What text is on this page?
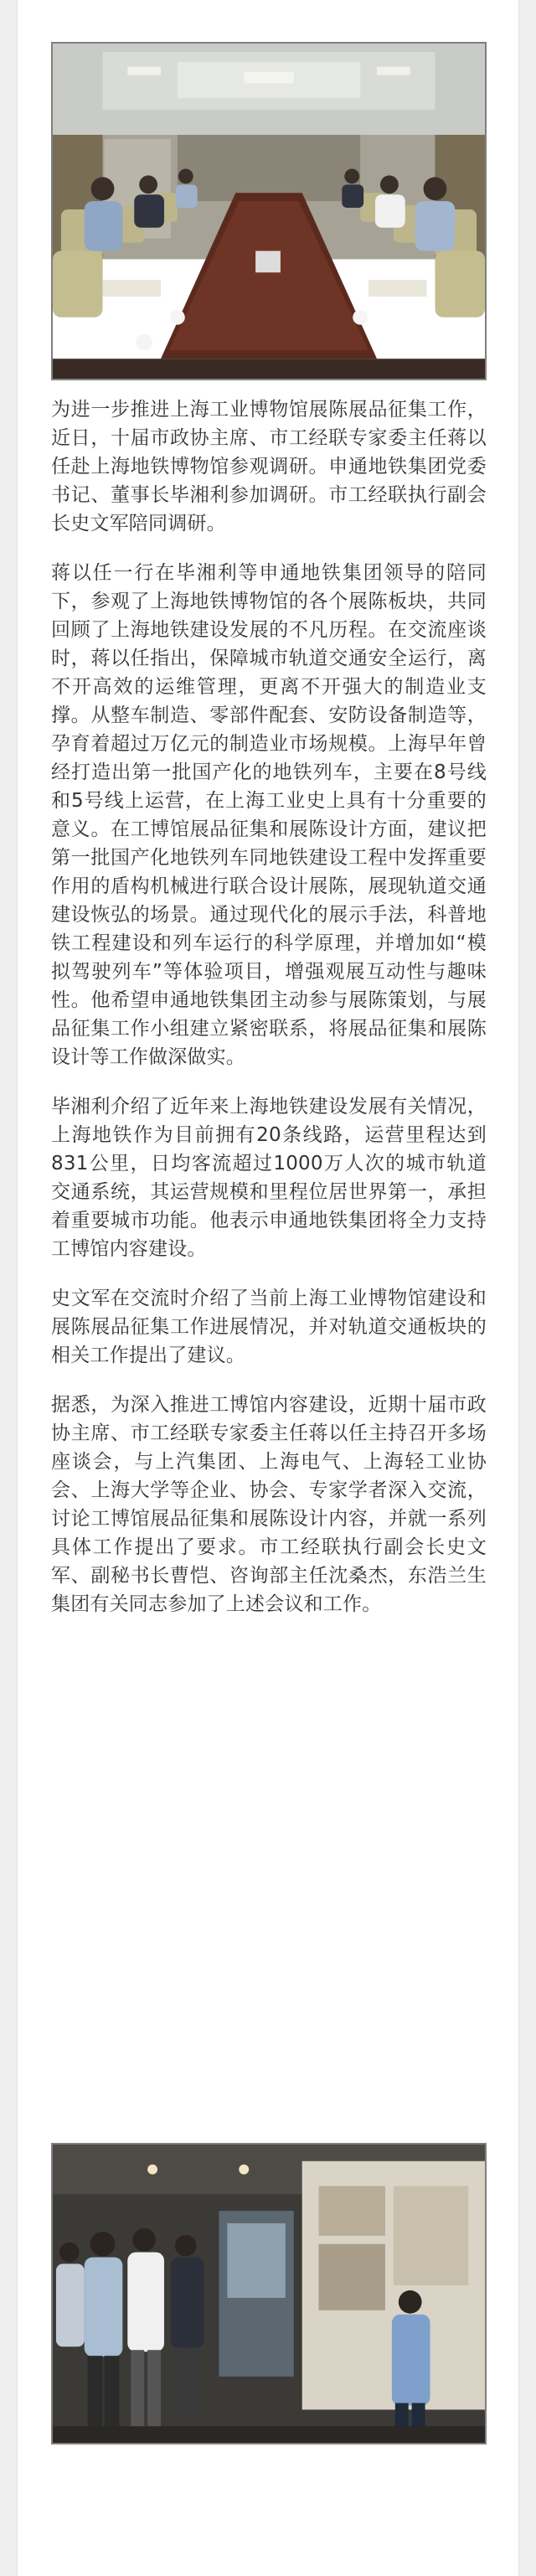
为进一步推进上海工业博物馆展陈展品征集工作，近日，十届市政协主席、市工经联专家委主任蒋以任赴上海地铁博物馆参观调研。申通地铁集团党委书记、董事长毕湘利参加调研。市工经联执行副会长史文军陪同调研。

蒋以任一行在毕湘利等申通地铁集团领导的陪同下，参观了上海地铁博物馆的各个展陈板块，共同回顾了上海地铁建设发展的不凡历程。在交流座谈时，蒋以任指出，保障城市轨道交通安全运行，离不开高效的运维管理，更离不开强大的制造业支撑。从整车制造、零部件配套、安防设备制造等，孕育着超过万亿元的制造业市场规模。上海早年曾经打造出第一批国产化的地铁列车，主要在8号线和5号线上运营，在上海工业史上具有十分重要的意义。在工博馆展品征集和展陈设计方面，建议把第一批国产化地铁列车同地铁建设工程中发挥重要作用的盾构机械进行联合设计展陈，展现轨道交通建设恢弘的场景。通过现代化的展示手法，科普地铁工程建设和列车运行的科学原理，并增加如“模拟驾驶列车”等体验项目，增强观展互动性与趣味性。他希望申通地铁集团主动参与展陈策划，与展品征集工作小组建立紧密联系，将展品征集和展陈设计等工作做深做实。

毕湘利介绍了近年来上海地铁建设发展有关情况，上海地铁作为目前拥有20条线路，运营里程达到831公里，日均客流超过1000万人次的城市轨道交通系统，其运营规模和里程位居世界第一，承担着重要城市功能。他表示申通地铁集团将全力支持工博馆内容建设。

史文军在交流时介绍了当前上海工业博物馆建设和展陈展品征集工作进展情况，并对轨道交通板块的相关工作提出了建议。

据悉，为深入推进工博馆内容建设，近期十届市政协主席、市工经联专家委主任蒋以任主持召开多场座谈会，与上汽集团、上海电气、上海轻工业协会、上海大学等企业、协会、专家学者深入交流，讨论工博馆展品征集和展陈设计内容，并就一系列具体工作提出了要求。市工经联执行副会长史文军、副秘书长曹恺、咨询部主任沈桑杰，东浩兰生集团有关同志参加了上述会议和工作。
